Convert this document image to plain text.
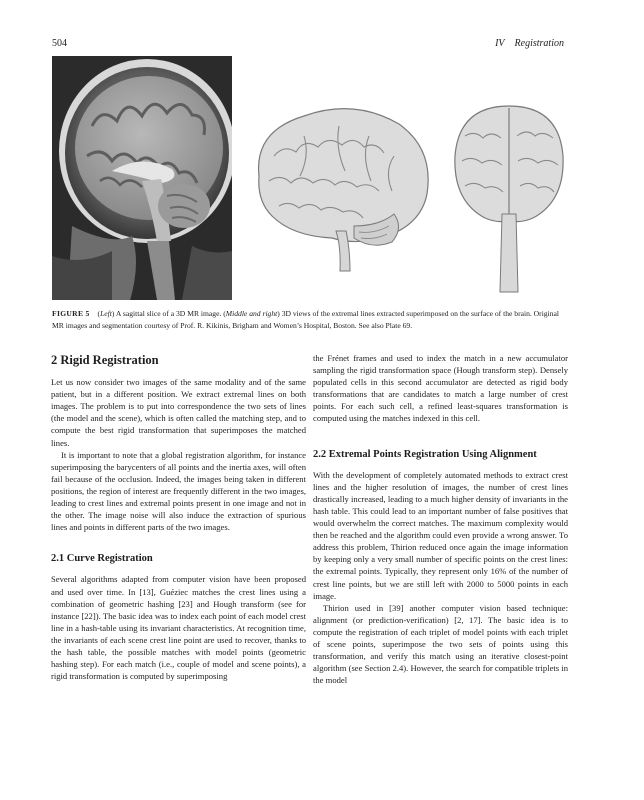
504	IV Registration
FIGURE 5 (Left) A sagittal slice of a 3D MR image. (Middle and right) 3D views of the extremal lines extracted superimposed on the surface of the brain. Original MR images and segmentation courtesy of Prof. R. Kikinis, Brigham and Women’s Hospital, Boston. See also Plate 69.
2 Rigid Registration

Let us now consider two images of the same modality and of the same patient, but in a different position. We extract extremal lines on both images. The problem is to put into correspondence the two sets of lines (the model and the scene), which is often called the matching step, and to compute the best rigid transformation that superimposes the matched lines.

It is important to note that a global registration algorithm, for instance superimposing the barycenters of all points and the inertia axes, will often fail because of the occlusion. Indeed, the images being taken in different positions, the region of interest are frequently different in the two images, leading to crest lines and extremal points present in one image and not in the other. The image noise will also induce the extraction of spurious lines and points in different parts of the two images.

2.1 Curve Registration

Several algorithms adapted from computer vision have been proposed and used over time. In [13], Guéziec matches the crest lines using a combination of geometric hashing [23] and Hough transform (see for instance [22]). The basic idea was to index each point of each model crest line in a hash-table using its invariant characteristics. At recognition time, the invariants of each scene crest line point are used to recover, thanks to the hash table, the possible matches with model points (geometric hashing step). For each match (i.e., couple of model and scene points), a rigid transformation is computed by superimposing

the Frénet frames and used to index the match in a new accumulator sampling the rigid transformation space (Hough transform step). Densely populated cells in this second accumulator are detected as rigid body transformations that are candidates to match a large number of crest points. For each such cell, a refined least-squares transformation is computed using the matches indexed in this cell.

2.2 Extremal Points Registration Using Alignment

With the development of completely automated methods to extract crest lines and the higher resolution of images, the number of crest lines drastically increased, leading to a much higher density of invariants in the hash table. This could lead to an important number of false positives that would overwhelm the correct matches. The maximum complexity would then be reached and the algorithm could even provide a wrong answer. To address this problem, Thirion reduced once again the image information by keeping only a very small number of specific points on the crest lines: the extremal points. Typically, they represent only 16% of the number of crest line points, but we are still left with 2000 to 5000 points in each image.

Thirion used in [39] another computer vision based technique: alignment (or prediction-verification) [2, 17]. The basic idea is to compute the registration of each triplet of model points with each triplet of scene points, superimpose the two sets of points using this transformation, and verify this match using an iterative closest-point algorithm (see Section 2.4). However, the search for compatible triplets in the model
